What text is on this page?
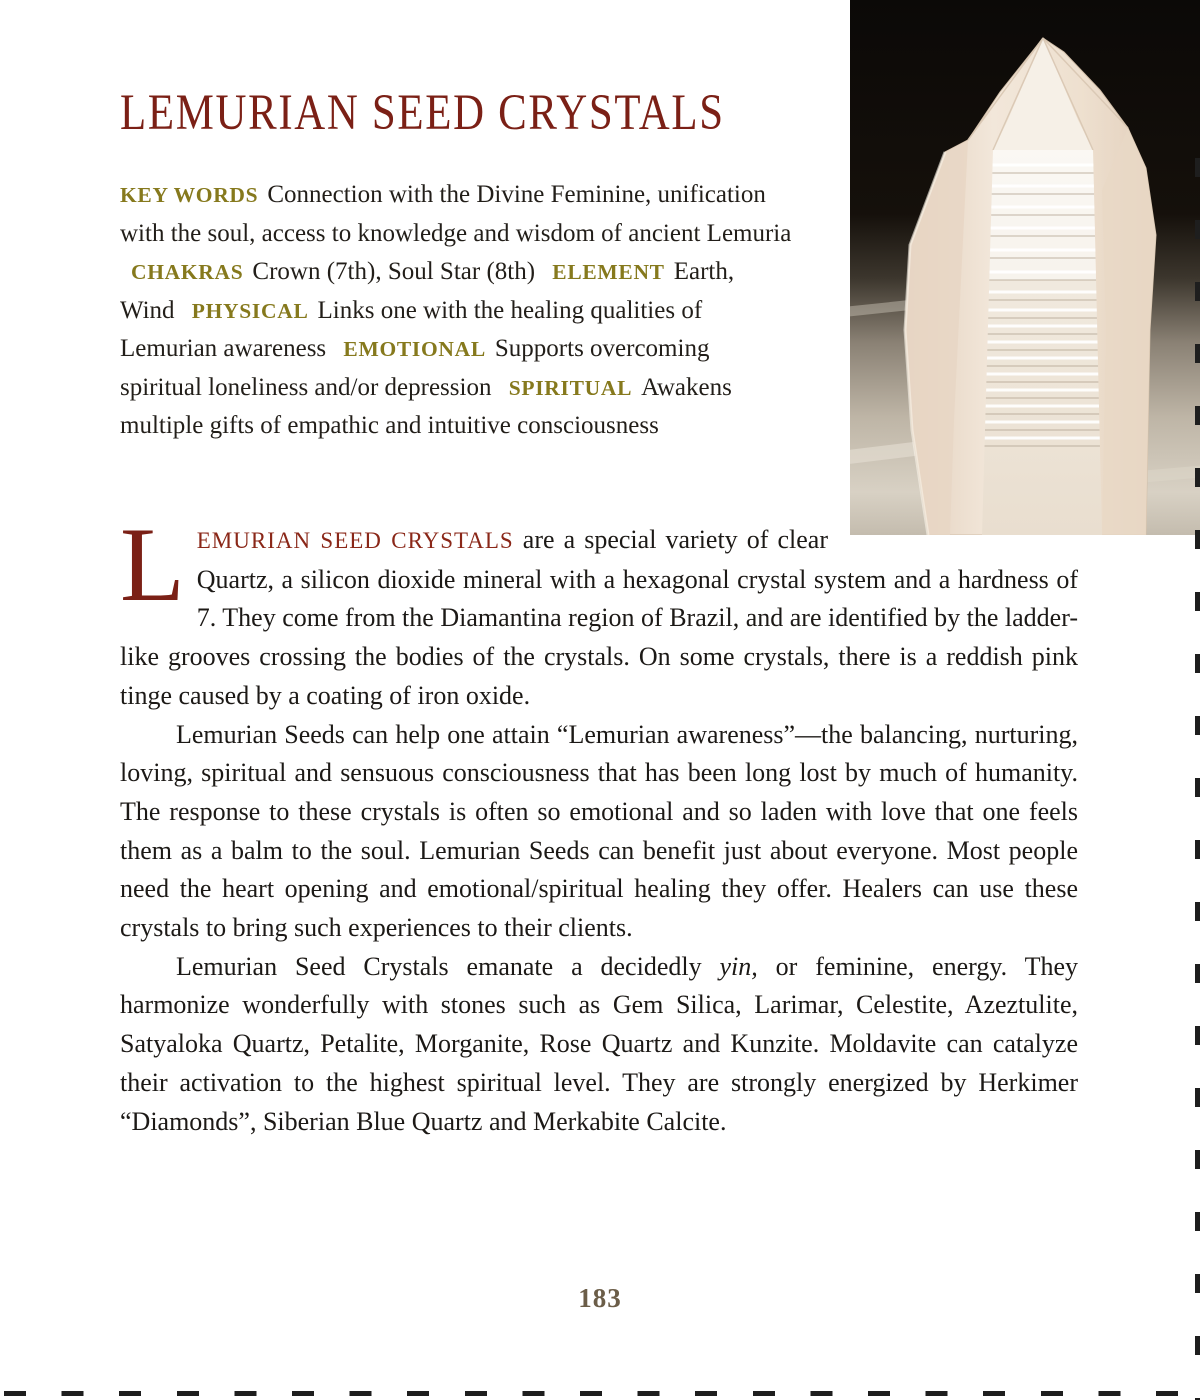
LEMURIAN SEED CRYSTALS

KEY WORDS Connection with the Divine Feminine, unification with the soul, access to knowledge and wisdom of ancient Lemuria CHAKRAS Crown (7th), Soul Star (8th) ELEMENT Earth, Wind PHYSICAL Links one with the healing qualities of Lemurian awareness EMOTIONAL Supports overcoming spiritual loneliness and/or depression SPIRITUAL Awakens multiple gifts of empathic and intuitive consciousness

LEMURIAN SEED CRYSTALS are a special variety of clear Quartz, a silicon dioxide mineral with a hexagonal crystal system and a hardness of 7. They come from the Diamantina region of Brazil, and are identified by the ladder-like grooves crossing the bodies of the crystals. On some crystals, there is a reddish pink tinge caused by a coating of iron oxide.

Lemurian Seeds can help one attain “Lemurian awareness”—the balancing, nurturing, loving, spiritual and sensuous consciousness that has been long lost by much of humanity. The response to these crystals is often so emotional and so laden with love that one feels them as a balm to the soul. Lemurian Seeds can benefit just about everyone. Most people need the heart opening and emotional/spiritual healing they offer. Healers can use these crystals to bring such experiences to their clients.

Lemurian Seed Crystals emanate a decidedly yin, or feminine, energy. They harmonize wonderfully with stones such as Gem Silica, Larimar, Celestite, Azeztulite, Satyaloka Quartz, Petalite, Morganite, Rose Quartz and Kunzite. Moldavite can catalyze their activation to the highest spiritual level. They are strongly energized by Herkimer “Diamonds”, Siberian Blue Quartz and Merkabite Calcite.

183
